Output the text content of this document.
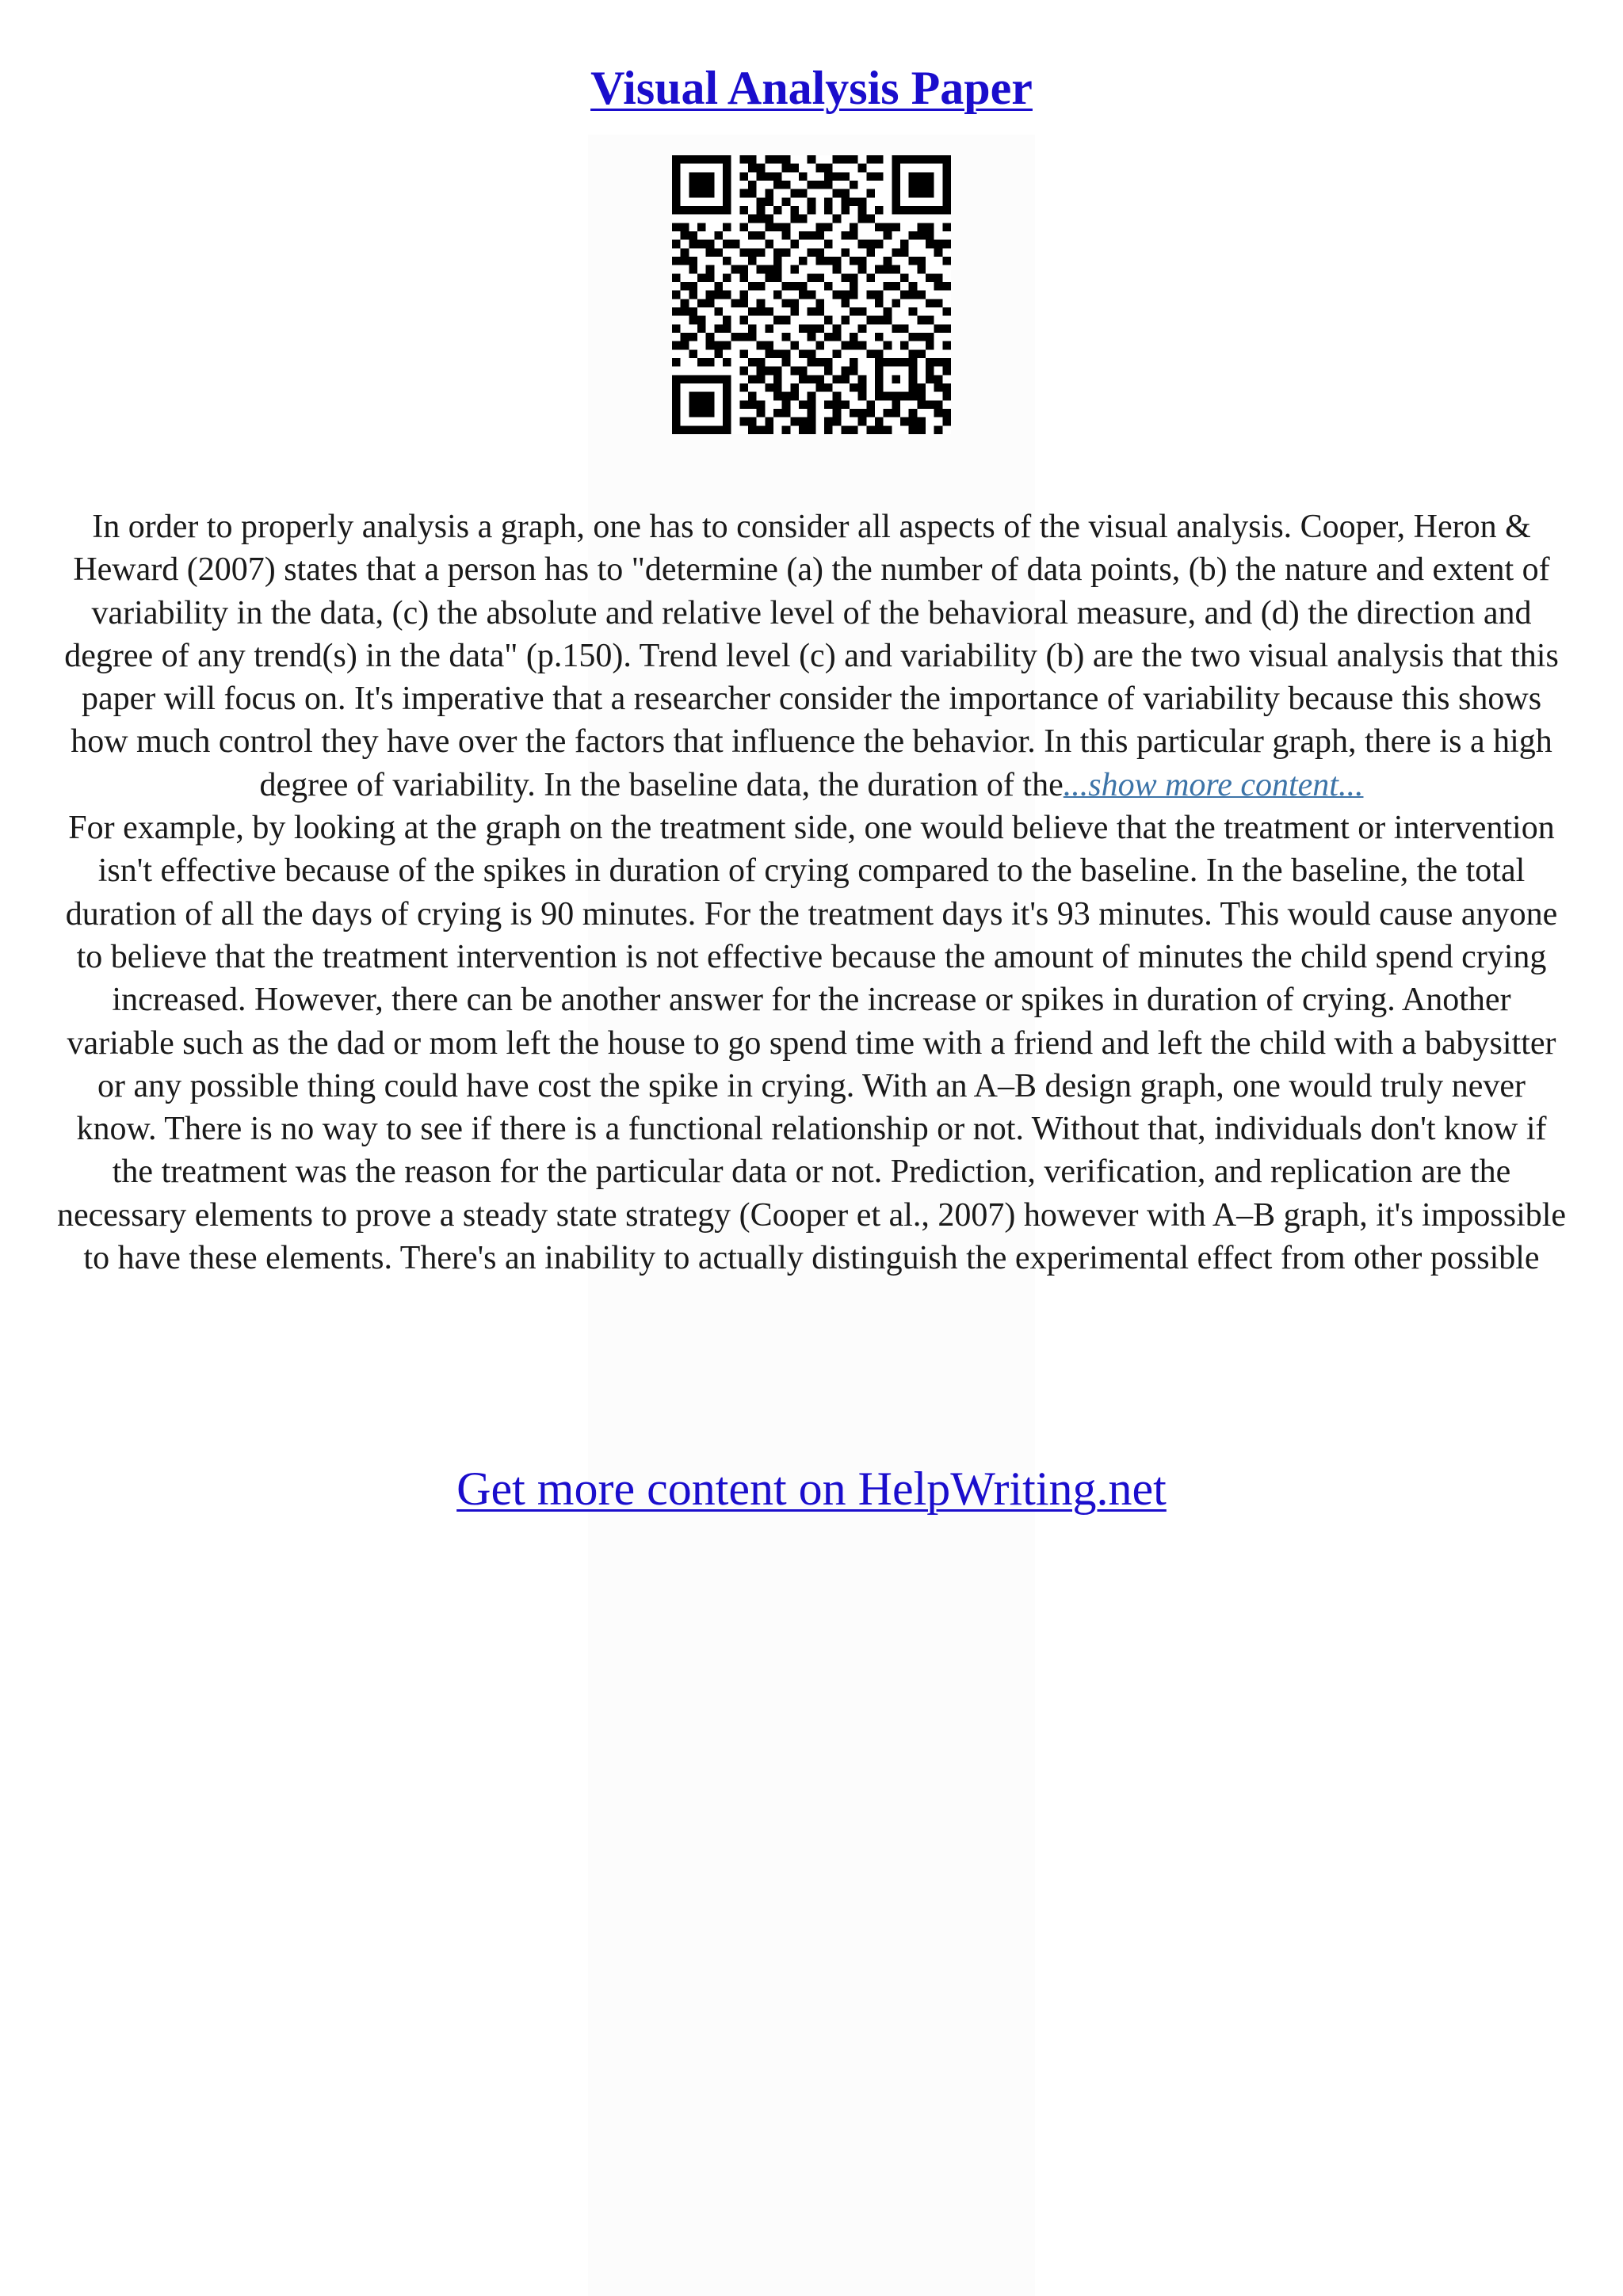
Visual Analysis Paper

In order to properly analysis a graph, one has to consider all aspects of the visual analysis. Cooper, Heron & Heward (2007) states that a person has to "determine (a) the number of data points, (b) the nature and extent of variability in the data, (c) the absolute and relative level of the behavioral measure, and (d) the direction and degree of any trend(s) in the data" (p.150). Trend level (c) and variability (b) are the two visual analysis that this paper will focus on. It's imperative that a researcher consider the importance of variability because this shows how much control they have over the factors that influence the behavior. In this particular graph, there is a high degree of variability. In the baseline data, the duration of the...show more content...

For example, by looking at the graph on the treatment side, one would believe that the treatment or intervention isn't effective because of the spikes in duration of crying compared to the baseline. In the baseline, the total duration of all the days of crying is 90 minutes. For the treatment days it's 93 minutes. This would cause anyone to believe that the treatment intervention is not effective because the amount of minutes the child spend crying increased. However, there can be another answer for the increase or spikes in duration of crying. Another variable such as the dad or mom left the house to go spend time with a friend and left the child with a babysitter or any possible thing could have cost the spike in crying. With an A–B design graph, one would truly never know. There is no way to see if there is a functional relationship or not. Without that, individuals don't know if the treatment was the reason for the particular data or not. Prediction, verification, and replication are the necessary elements to prove a steady state strategy (Cooper et al., 2007) however with A–B graph, it's impossible to have these elements. There's an inability to actually distinguish the experimental effect from other possible

Get more content on HelpWriting.net
